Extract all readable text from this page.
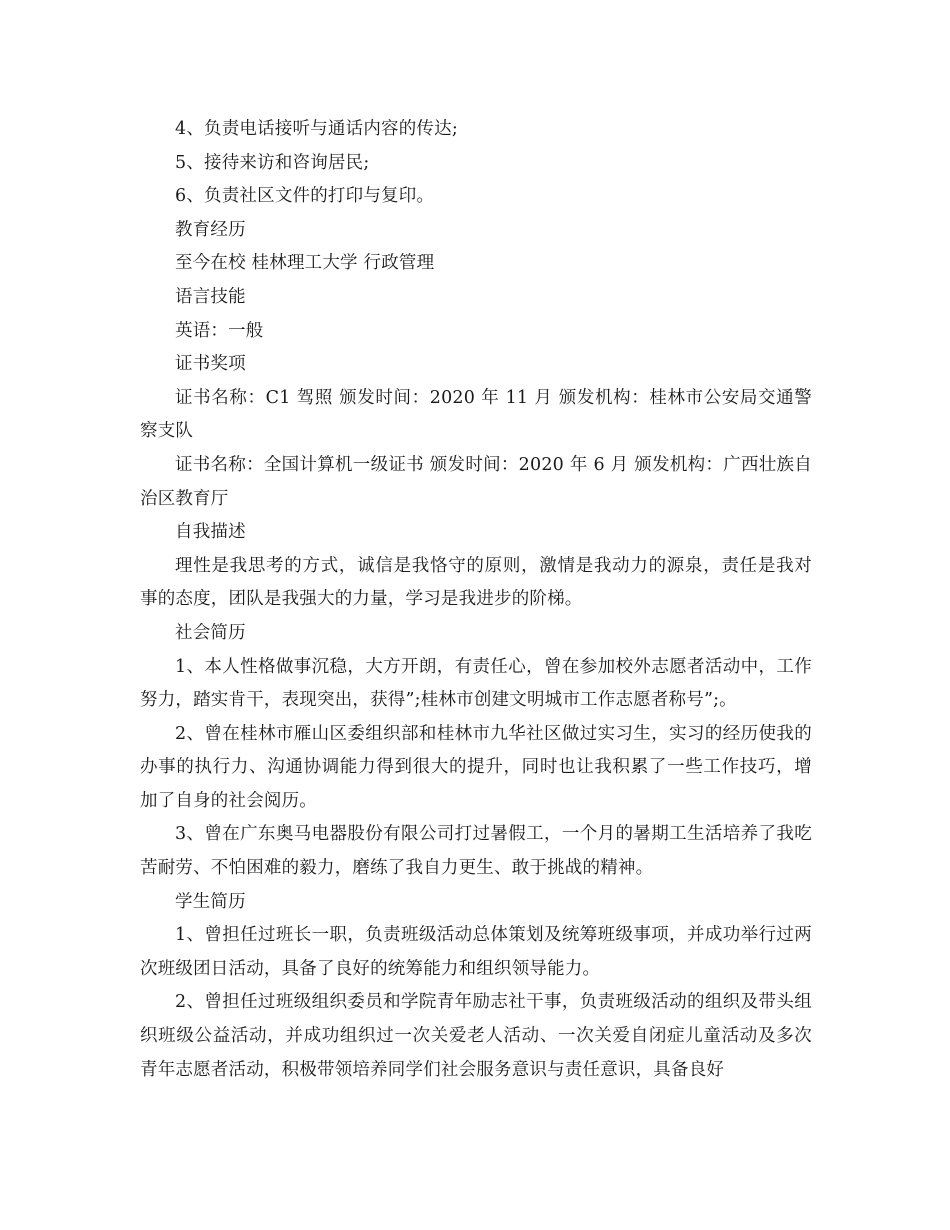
4、负责电话接听与通话内容的传达;

5、接待来访和咨询居民;

6、负责社区文件的打印与复印。

教育经历

至今在校 桂林理工大学 行政管理

语言技能

英语：一般

证书奖项

证书名称：C1 驾照 颁发时间：2020 年 11 月 颁发机构：桂林市公安局交通警察支队

证书名称：全国计算机一级证书 颁发时间：2020 年 6 月 颁发机构：广西壮族自治区教育厅

自我描述

理性是我思考的方式，诚信是我恪守的原则，激情是我动力的源泉，责任是我对事的态度，团队是我强大的力量，学习是我进步的阶梯。

社会简历

1、本人性格做事沉稳，大方开朗，有责任心，曾在参加校外志愿者活动中，工作努力，踏实肯干，表现突出，获得”;桂林市创建文明城市工作志愿者称号”;。

2、曾在桂林市雁山区委组织部和桂林市九华社区做过实习生，实习的经历使我的办事的执行力、沟通协调能力得到很大的提升，同时也让我积累了一些工作技巧，增加了自身的社会阅历。

3、曾在广东奥马电器股份有限公司打过暑假工，一个月的暑期工生活培养了我吃苦耐劳、不怕困难的毅力，磨练了我自力更生、敢于挑战的精神。

学生简历

1、曾担任过班长一职，负责班级活动总体策划及统筹班级事项，并成功举行过两次班级团日活动，具备了良好的统筹能力和组织领导能力。

2、曾担任过班级组织委员和学院青年励志社干事，负责班级活动的组织及带头组织班级公益活动，并成功组织过一次关爱老人活动、一次关爱自闭症儿童活动及多次青年志愿者活动，积极带领培养同学们社会服务意识与责任意识，具备良好
